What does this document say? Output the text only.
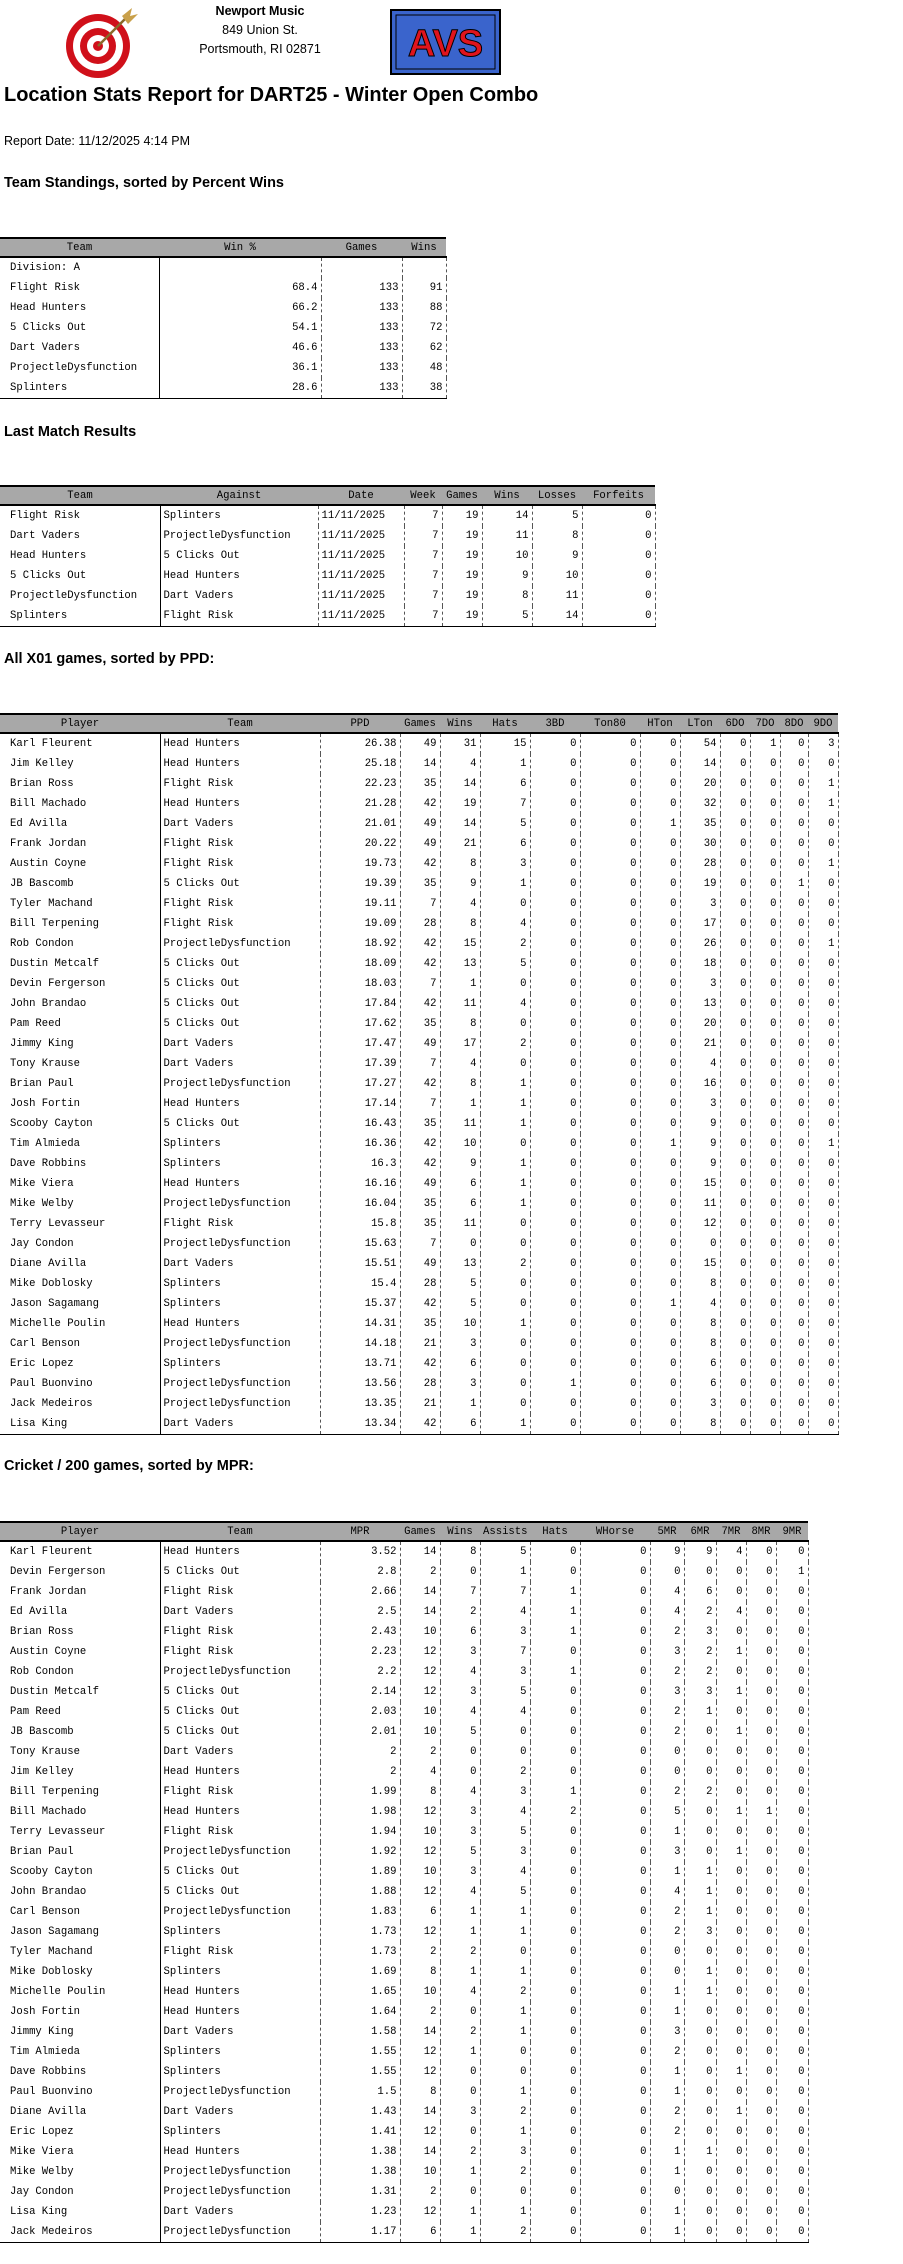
Newport Music
849 Union St.
Portsmouth, RI 02871	AVS
Location Stats Report for DART25 - Winter Open Combo
Report Date: 11/12/2025 4:14 PM
Team Standings, sorted by Percent Wins
Team	Win %	Games	Wins
Division: A			
Flight Risk	68.4	133	91
Head Hunters	66.2	133	88
5 Clicks Out	54.1	133	72
Dart Vaders	46.6	133	62
ProjectleDysfunction	36.1	133	48
Splinters	28.6	133	38
Last Match Results
Team	Against	Date	Week	Games	Wins	Losses	Forfeits
Flight Risk	Splinters	11/11/2025	7	19	14	5	0
Dart Vaders	ProjectleDysfunction	11/11/2025	7	19	11	8	0
Head Hunters	5 Clicks Out	11/11/2025	7	19	10	9	0
5 Clicks Out	Head Hunters	11/11/2025	7	19	9	10	0
ProjectleDysfunction	Dart Vaders	11/11/2025	7	19	8	11	0
Splinters	Flight Risk	11/11/2025	7	19	5	14	0
All X01 games, sorted by PPD:
Player	Team	PPD	Games	Wins	Hats	3BD	Ton80	HTon	LTon	6DO	7DO	8DO	9DO
Karl Fleurent	Head Hunters	26.38	49	31	15	0	0	0	54	0	1	0	3
Jim Kelley	Head Hunters	25.18	14	4	1	0	0	0	14	0	0	0	0
Brian Ross	Flight Risk	22.23	35	14	6	0	0	0	20	0	0	0	1
Bill Machado	Head Hunters	21.28	42	19	7	0	0	0	32	0	0	0	1
Ed Avilla	Dart Vaders	21.01	49	14	5	0	0	1	35	0	0	0	0
Frank Jordan	Flight Risk	20.22	49	21	6	0	0	0	30	0	0	0	0
Austin Coyne	Flight Risk	19.73	42	8	3	0	0	0	28	0	0	0	1
JB Bascomb	5 Clicks Out	19.39	35	9	1	0	0	0	19	0	0	1	0
Tyler Machand	Flight Risk	19.11	7	4	0	0	0	0	3	0	0	0	0
Bill Terpening	Flight Risk	19.09	28	8	4	0	0	0	17	0	0	0	0
Rob Condon	ProjectleDysfunction	18.92	42	15	2	0	0	0	26	0	0	0	1
Dustin Metcalf	5 Clicks Out	18.09	42	13	5	0	0	0	18	0	0	0	0
Devin Fergerson	5 Clicks Out	18.03	7	1	0	0	0	0	3	0	0	0	0
John Brandao	5 Clicks Out	17.84	42	11	4	0	0	0	13	0	0	0	0
Pam Reed	5 Clicks Out	17.62	35	8	0	0	0	0	20	0	0	0	0
Jimmy King	Dart Vaders	17.47	49	17	2	0	0	0	21	0	0	0	0
Tony Krause	Dart Vaders	17.39	7	4	0	0	0	0	4	0	0	0	0
Brian Paul	ProjectleDysfunction	17.27	42	8	1	0	0	0	16	0	0	0	0
Josh Fortin	Head Hunters	17.14	7	1	1	0	0	0	3	0	0	0	0
Scooby Cayton	5 Clicks Out	16.43	35	11	1	0	0	0	9	0	0	0	0
Tim Almieda	Splinters	16.36	42	10	0	0	0	1	9	0	0	0	1
Dave Robbins	Splinters	16.3	42	9	1	0	0	0	9	0	0	0	0
Mike Viera	Head Hunters	16.16	49	6	1	0	0	0	15	0	0	0	0
Mike Welby	ProjectleDysfunction	16.04	35	6	1	0	0	0	11	0	0	0	0
Terry Levasseur	Flight Risk	15.8	35	11	0	0	0	0	12	0	0	0	0
Jay Condon	ProjectleDysfunction	15.63	7	0	0	0	0	0	0	0	0	0	0
Diane Avilla	Dart Vaders	15.51	49	13	2	0	0	0	15	0	0	0	0
Mike Doblosky	Splinters	15.4	28	5	0	0	0	0	8	0	0	0	0
Jason Sagamang	Splinters	15.37	42	5	0	0	0	1	4	0	0	0	0
Michelle Poulin	Head Hunters	14.31	35	10	1	0	0	0	8	0	0	0	0
Carl Benson	ProjectleDysfunction	14.18	21	3	0	0	0	0	8	0	0	0	0
Eric Lopez	Splinters	13.71	42	6	0	0	0	0	6	0	0	0	0
Paul Buonvino	ProjectleDysfunction	13.56	28	3	0	1	0	0	6	0	0	0	0
Jack Medeiros	ProjectleDysfunction	13.35	21	1	0	0	0	0	3	0	0	0	0
Lisa King	Dart Vaders	13.34	42	6	1	0	0	0	8	0	0	0	0
Cricket / 200 games, sorted by MPR:
Player	Team	MPR	Games	Wins	Assists	Hats	WHorse	5MR	6MR	7MR	8MR	9MR
Karl Fleurent	Head Hunters	3.52	14	8	5	0	0	9	9	4	0	0
Devin Fergerson	5 Clicks Out	2.8	2	0	1	0	0	0	0	0	0	1
Frank Jordan	Flight Risk	2.66	14	7	7	1	0	4	6	0	0	0
Ed Avilla	Dart Vaders	2.5	14	2	4	1	0	4	2	4	0	0
Brian Ross	Flight Risk	2.43	10	6	3	1	0	2	3	0	0	0
Austin Coyne	Flight Risk	2.23	12	3	7	0	0	3	2	1	0	0
Rob Condon	ProjectleDysfunction	2.2	12	4	3	1	0	2	2	0	0	0
Dustin Metcalf	5 Clicks Out	2.14	12	3	5	0	0	3	3	1	0	0
Pam Reed	5 Clicks Out	2.03	10	4	4	0	0	2	1	0	0	0
JB Bascomb	5 Clicks Out	2.01	10	5	0	0	0	2	0	1	0	0
Tony Krause	Dart Vaders	2	2	0	0	0	0	0	0	0	0	0
Jim Kelley	Head Hunters	2	4	0	2	0	0	0	0	0	0	0
Bill Terpening	Flight Risk	1.99	8	4	3	1	0	2	2	0	0	0
Bill Machado	Head Hunters	1.98	12	3	4	2	0	5	0	1	1	0
Terry Levasseur	Flight Risk	1.94	10	3	5	0	0	1	0	0	0	0
Brian Paul	ProjectleDysfunction	1.92	12	5	3	0	0	3	0	1	0	0
Scooby Cayton	5 Clicks Out	1.89	10	3	4	0	0	1	1	0	0	0
John Brandao	5 Clicks Out	1.88	12	4	5	0	0	4	1	0	0	0
Carl Benson	ProjectleDysfunction	1.83	6	1	1	0	0	2	1	0	0	0
Jason Sagamang	Splinters	1.73	12	1	1	0	0	2	3	0	0	0
Tyler Machand	Flight Risk	1.73	2	2	0	0	0	0	0	0	0	0
Mike Doblosky	Splinters	1.69	8	1	1	0	0	0	1	0	0	0
Michelle Poulin	Head Hunters	1.65	10	4	2	0	0	1	1	0	0	0
Josh Fortin	Head Hunters	1.64	2	0	1	0	0	1	0	0	0	0
Jimmy King	Dart Vaders	1.58	14	2	1	0	0	3	0	0	0	0
Tim Almieda	Splinters	1.55	12	1	0	0	0	2	0	0	0	0
Dave Robbins	Splinters	1.55	12	0	0	0	0	1	0	1	0	0
Paul Buonvino	ProjectleDysfunction	1.5	8	0	1	0	0	1	0	0	0	0
Diane Avilla	Dart Vaders	1.43	14	3	2	0	0	2	0	1	0	0
Eric Lopez	Splinters	1.41	12	0	1	0	0	2	0	0	0	0
Mike Viera	Head Hunters	1.38	14	2	3	0	0	1	1	0	0	0
Mike Welby	ProjectleDysfunction	1.38	10	1	2	0	0	1	0	0	0	0
Jay Condon	ProjectleDysfunction	1.31	2	0	0	0	0	0	0	0	0	0
Lisa King	Dart Vaders	1.23	12	1	1	0	0	1	0	0	0	0
Jack Medeiros	ProjectleDysfunction	1.17	6	1	2	0	0	1	0	0	0	0
